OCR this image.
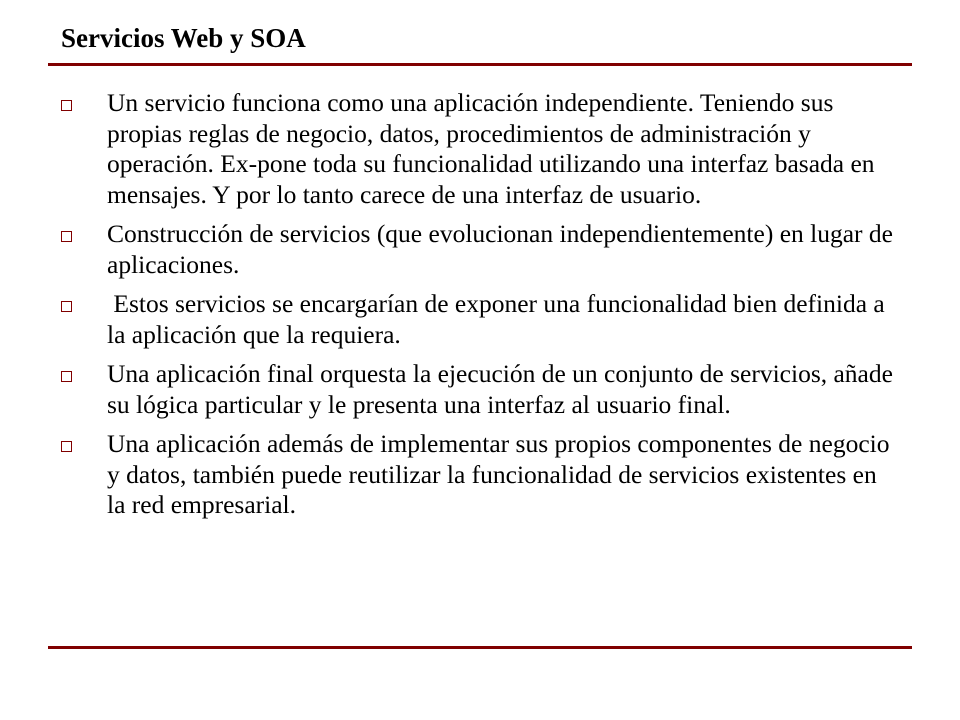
Servicios Web y SOA
Un servicio funciona como una aplicación independiente. Teniendo sus propias reglas de negocio, datos, procedimientos de administración y operación. Ex-pone toda su funcionalidad utilizando una interfaz basada en mensajes. Y por lo tanto carece de una interfaz de usuario.
Construcción de servicios (que evolucionan independientemente) en lugar de aplicaciones.
Estos servicios se encargarían de exponer una funcionalidad bien definida a la aplicación que la requiera.
Una aplicación final orquesta la ejecución de un conjunto de servicios, añade su lógica particular y le presenta una interfaz al usuario final.
Una aplicación además de implementar sus propios componentes de negocio y datos, también puede reutilizar la funcionalidad de servicios existentes en la red empresarial.
